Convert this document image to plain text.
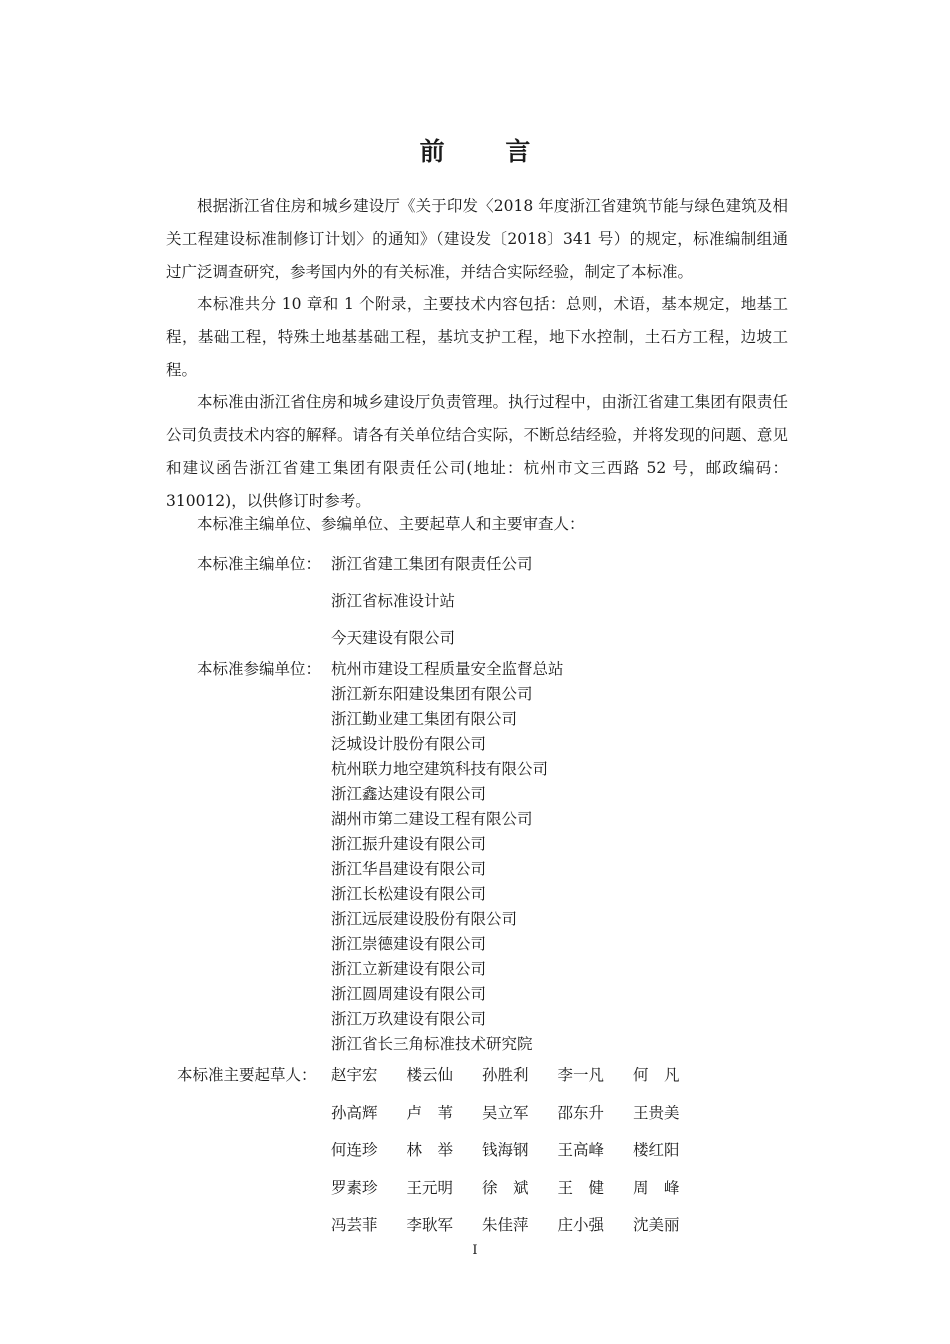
前 言

根据浙江省住房和城乡建设厅《关于印发〈2018 年度浙江省建筑节能与绿色建筑及相关工程建设标准制修订计划〉的通知》（建设发〔2018〕341 号）的规定，标准编制组通过广泛调查研究，参考国内外的有关标准，并结合实际经验，制定了本标准。

本标准共分 10 章和 1 个附录，主要技术内容包括：总则，术语，基本规定，地基工程，基础工程，特殊土地基基础工程，基坑支护工程，地下水控制，土石方工程，边坡工程。

本标准由浙江省住房和城乡建设厅负责管理。执行过程中，由浙江省建工集团有限责任公司负责技术内容的解释。请各有关单位结合实际，不断总结经验，并将发现的问题、意见和建议函告浙江省建工集团有限责任公司(地址：杭州市文三西路 52 号，邮政编码：310012)，以供修订时参考。

本标准主编单位、参编单位、主要起草人和主要审查人：

本标准主编单位： 浙江省建工集团有限责任公司
浙江省标准设计站
今天建设有限公司
本标准参编单位： 杭州市建设工程质量安全监督总站
浙江新东阳建设集团有限公司
浙江勤业建工集团有限公司
泛城设计股份有限公司
杭州联力地空建筑科技有限公司
浙江鑫达建设有限公司
湖州市第二建设工程有限公司
浙江振升建设有限公司
浙江华昌建设有限公司
浙江长松建设有限公司
浙江远辰建设股份有限公司
浙江崇德建设有限公司
浙江立新建设有限公司
浙江圆周建设有限公司
浙江万玖建设有限公司
浙江省长三角标准技术研究院
本标准主要起草人： 赵宇宏	楼云仙	孙胜利	李一凡	何　凡
孙高辉	卢　苇	吴立军	邵东升	王贵美
何连珍	林　举	钱海钢	王高峰	楼红阳
罗素珍	王元明	徐　斌	王　健	周　峰
冯芸菲	李耿军	朱佳萍	庄小强	沈美丽
I
